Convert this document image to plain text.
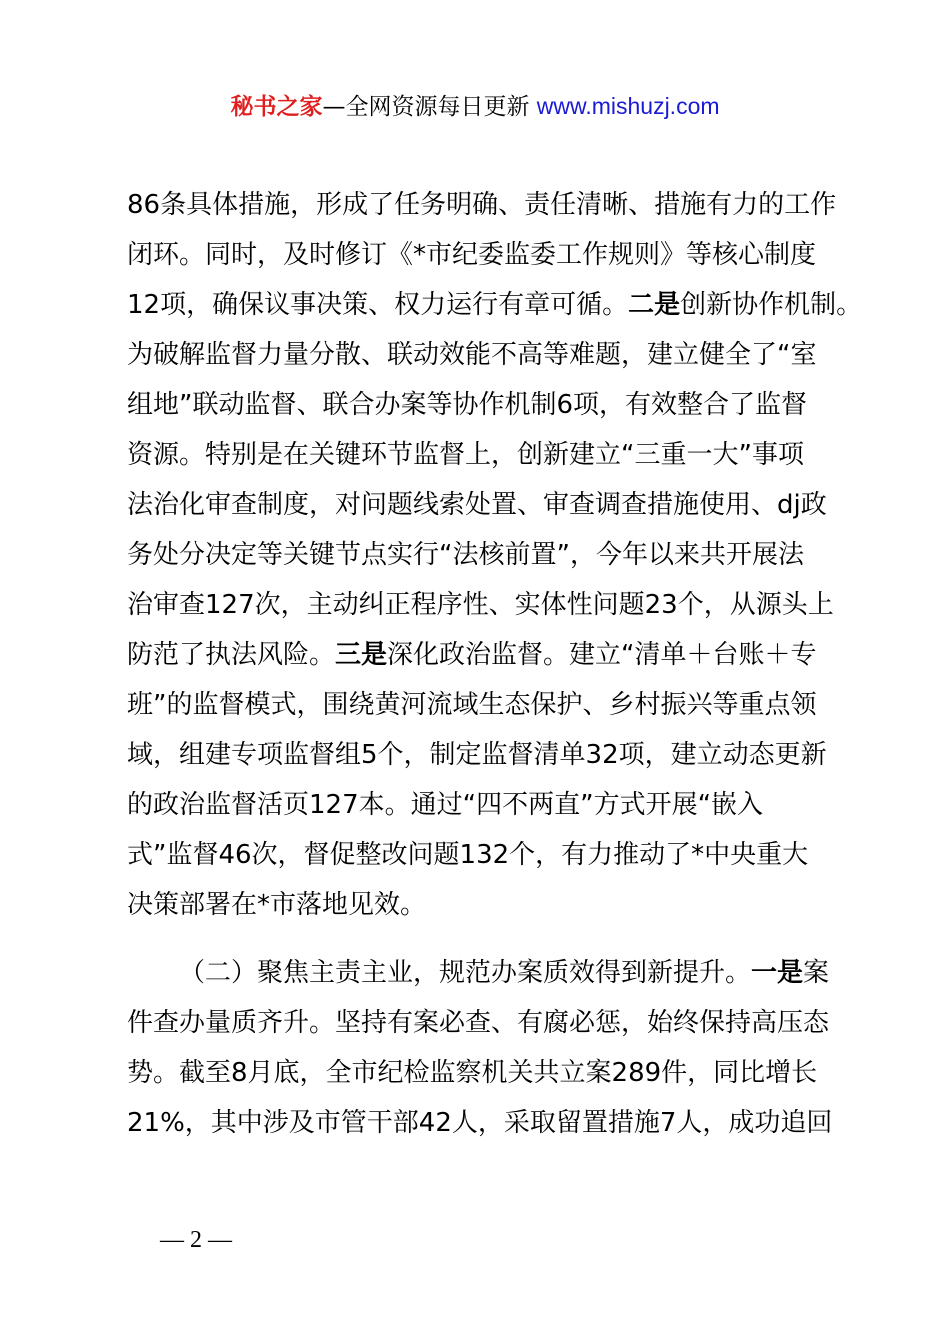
秘书之家—全网资源每日更新 www.mishuzj.com
86条具体措施，形成了任务明确、责任清晰、措施有力的工作
闭环。同时，及时修订《*市纪委监委工作规则》等核心制度
12项，确保议事决策、权力运行有章可循。二是创新协作机制。
为破解监督力量分散、联动效能不高等难题，建立健全了“室
组地”联动监督、联合办案等协作机制6项，有效整合了监督
资源。特别是在关键环节监督上，创新建立“三重一大”事项
法治化审查制度，对问题线索处置、审查调查措施使用、dj政
务处分决定等关键节点实行“法核前置”，今年以来共开展法
治审查127次，主动纠正程序性、实体性问题23个，从源头上
防范了执法风险。三是深化政治监督。建立“清单＋台账＋专
班”的监督模式，围绕黄河流域生态保护、乡村振兴等重点领
域，组建专项监督组5个，制定监督清单32项，建立动态更新
的政治监督活页127本。通过“四不两直”方式开展“嵌入
式”监督46次，督促整改问题132个，有力推动了*中央重大
决策部署在*市落地见效。
（二）聚焦主责主业，规范办案质效得到新提升。一是案
件查办量质齐升。坚持有案必查、有腐必惩，始终保持高压态
势。截至8月底，全市纪检监察机关共立案289件，同比增长
21%，其中涉及市管干部42人，采取留置措施7人，成功追回
— 2 —
